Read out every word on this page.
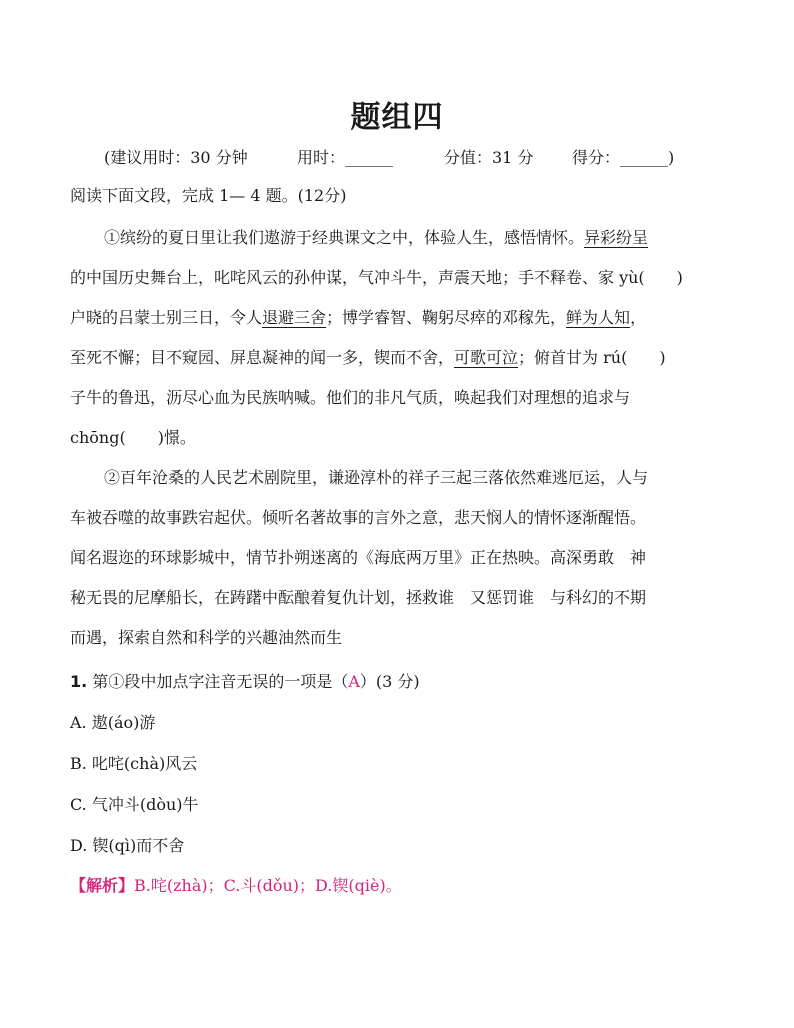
题组四
(建议用时：30 分钟	用时：______	分值：31 分 得分：______)
阅读下面文段，完成 1— 4 题。(12分)
①缤纷的夏日里让我们遨游于经典课文之中，体验人生，感悟情怀。异彩纷呈
的中国历史舞台上，叱咤风云的孙仲谋，气冲斗牛，声震天地；手不释卷、家 yù(　　)
户晓的吕蒙士别三日，令人退避三舍；博学睿智、鞠躬尽瘁的邓稼先，鲜为人知，
至死不懈；目不窥园、屏息凝神的闻一多，锲而不舍，可歌可泣；俯首甘为 rú(　　)
子牛的鲁迅，沥尽心血为民族呐喊。他们的非凡气质，唤起我们对理想的追求与
chōng(　　)憬。
②百年沧桑的人民艺术剧院里，谦逊淳朴的祥子三起三落依然难逃厄运，人与
车被吞噬的故事跌宕起伏。倾听名著故事的言外之意，悲天悯人的情怀逐渐醒悟。
闻名遐迩的环球影城中，情节扑朔迷离的《海底两万里》正在热映。高深勇敢　神
秘无畏的尼摩船长，在踌躇中酝酿着复仇计划，拯救谁　又惩罚谁　与科幻的不期
而遇，探索自然和科学的兴趣油然而生
1. 第①段中加点字注音无误的一项是（A）(3 分)
A. 遨(áo)游
B. 叱咤(chà)风云
C. 气冲斗(dòu)牛
D. 锲(qì)而不舍
【解析】B.咤(zhà)；C.斗(dǒu)；D.锲(qiè)。
